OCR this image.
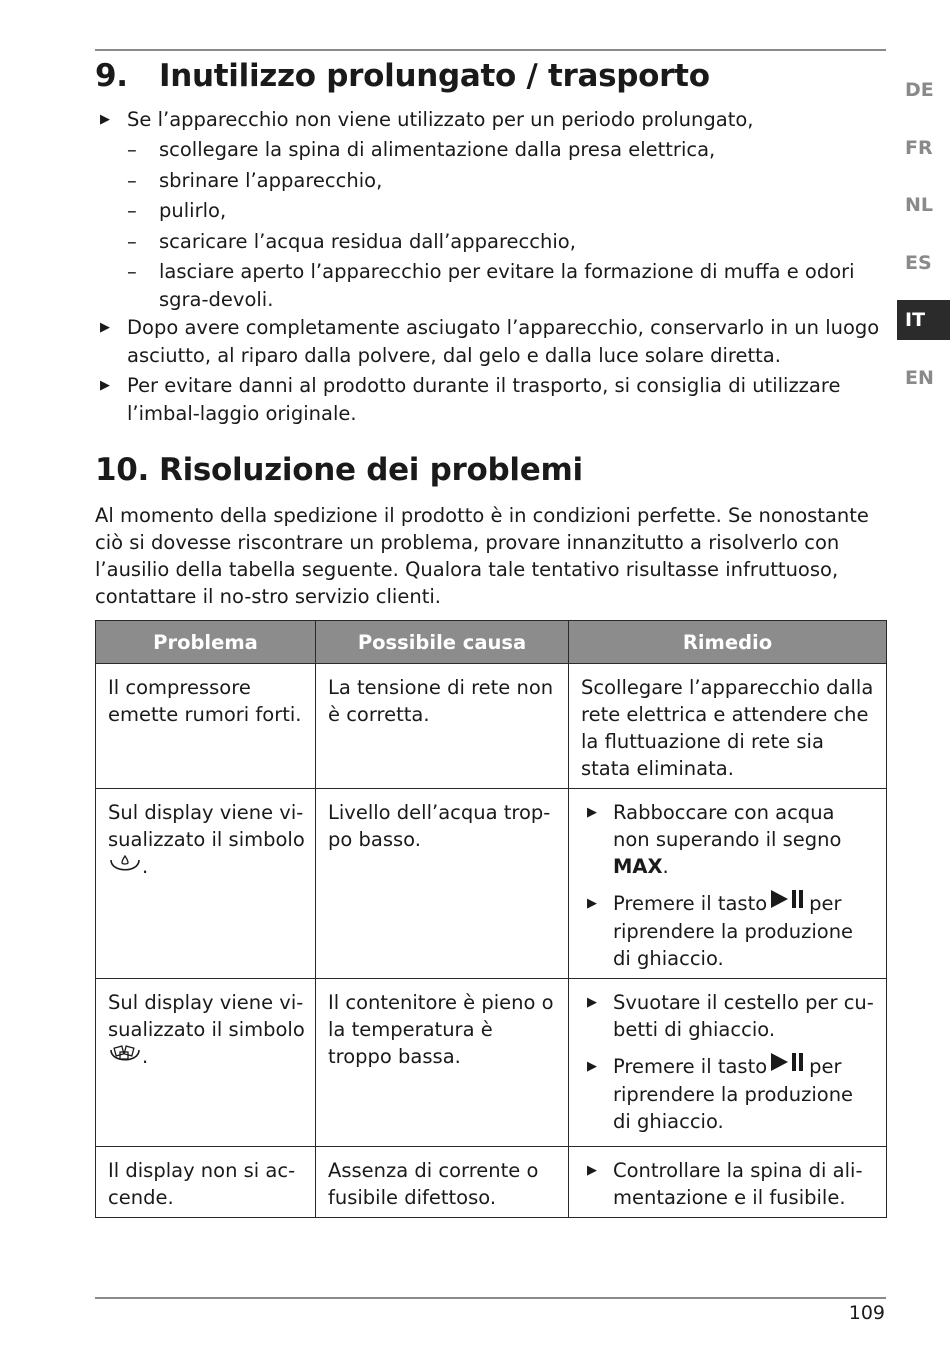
DE
FR
NL
ES
IT
EN
9. Inutilizzo prolungato / trasporto
▶ Se l’apparecchio non viene utilizzato per un periodo prolungato,
–	scollegare la spina di alimentazione dalla presa elettrica,
–	sbrinare l’apparecchio,
–	pulirlo,
–	scaricare l’acqua residua dall’apparecchio,
–	lasciare aperto l’apparecchio per evitare la formazione di muffa e odori sgra-devoli.
▶ Dopo avere completamente asciugato l’apparecchio, conservarlo in un luogo asciutto, al riparo dalla polvere, dal gelo e dalla luce solare diretta.
▶ Per evitare danni al prodotto durante il trasporto, si consiglia di utilizzare l’imbal-laggio originale.
10. Risoluzione dei problemi

Al momento della spedizione il prodotto è in condizioni perfette. Se nonostante ciò si dovesse riscontrare un problema, provare innanzitutto a risolverlo con l’ausilio della tabella seguente. Qualora tale tentativo risultasse infruttuoso, contattare il no-stro servizio clienti.

Problema	Possibile causa	Rimedio
Il compressore emette rumori forti.	La tensione di rete non è corretta.	Scollegare l’apparecchio dalla rete elettrica e attendere che la fluttuazione di rete sia stata eliminata.
Sul display viene vi-sualizzato il simbolo .	Livello dell’acqua trop-po basso.	▶ Rabboccare con acqua non superando il segno MAX.
▶ Premere il tasto per riprendere la produzione di ghiaccio.

Sul display viene vi-sualizzato il simbolo .	Il contenitore è pieno o la temperatura è troppo bassa.	▶ Svuotare il cestello per cu-betti di ghiaccio.
▶ Premere il tasto per riprendere la produzione di ghiaccio.

Il display non si ac-cende.	Assenza di corrente o fusibile difettoso.	▶ Controllare la spina di ali-mentazione e il fusibile.
109
